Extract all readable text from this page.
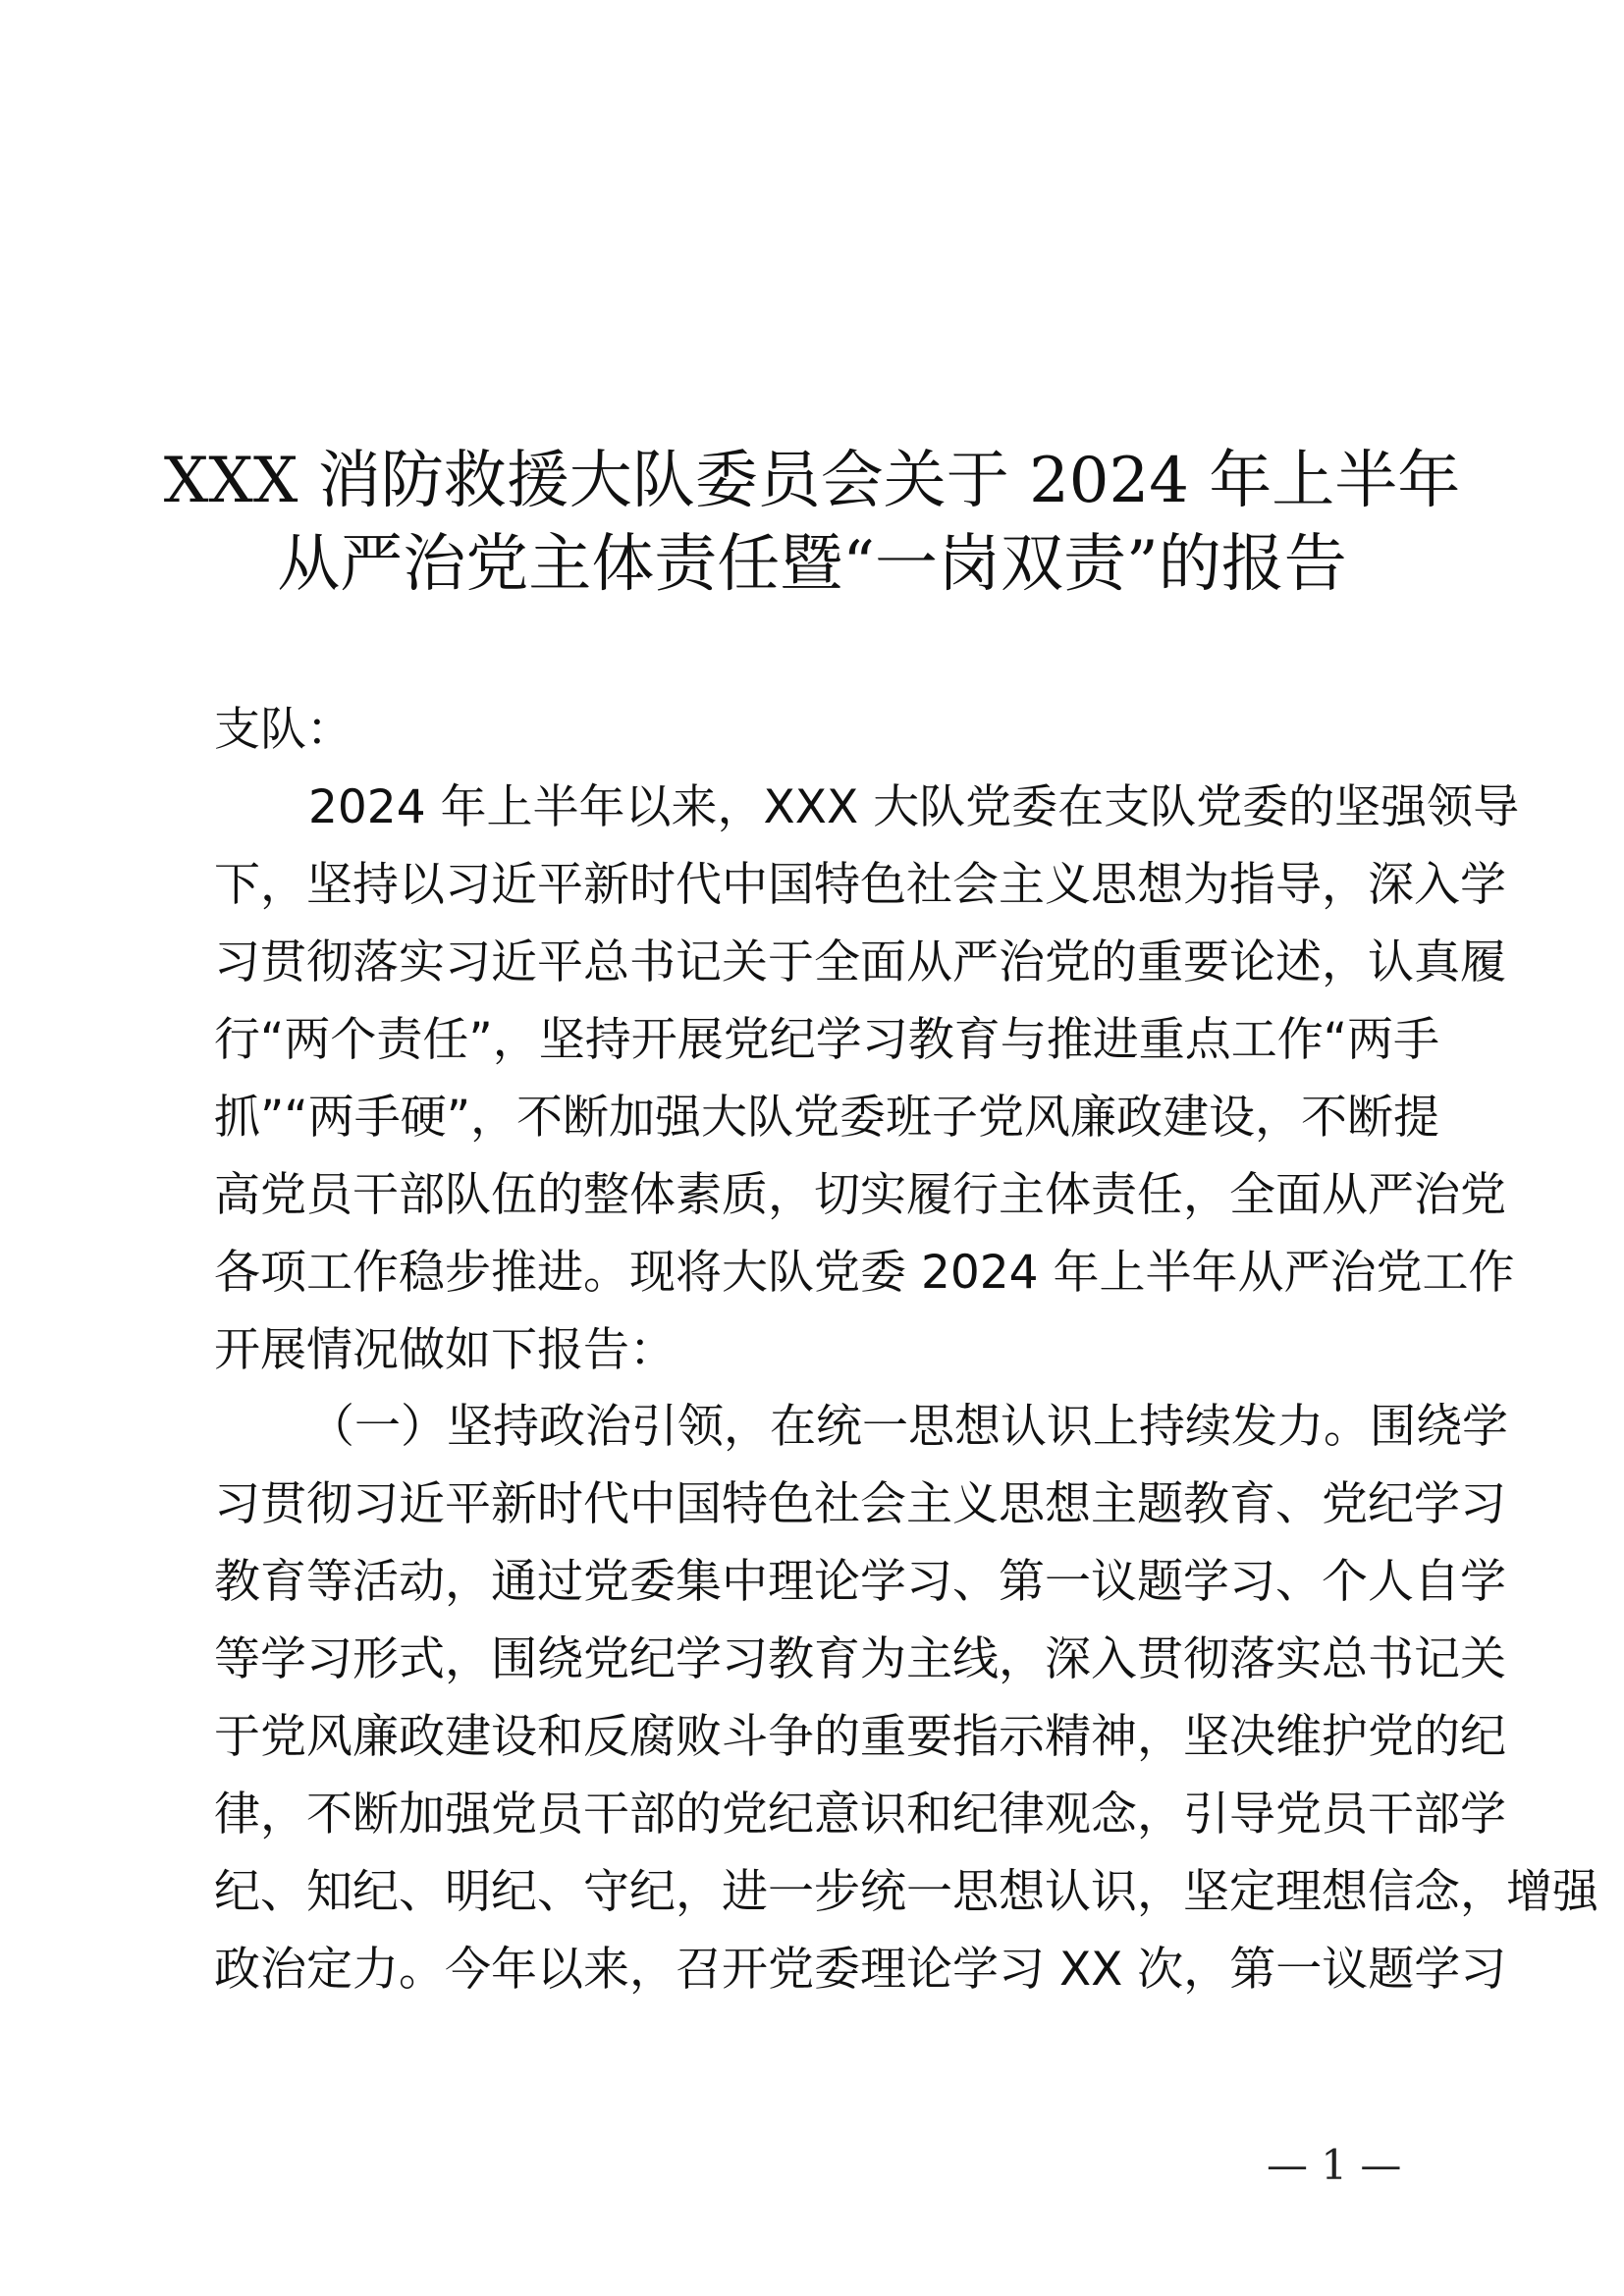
XXX 消防救援大队委员会关于 2024 年上半年
从严治党主体责任暨“一岗双责”的报告
支队：
2024 年上半年以来，XXX 大队党委在支队党委的坚强领导
下，坚持以习近平新时代中国特色社会主义思想为指导，深入学
习贯彻落实习近平总书记关于全面从严治党的重要论述，认真履
行“两个责任”，坚持开展党纪学习教育与推进重点工作“两手
抓”“两手硬”，不断加强大队党委班子党风廉政建设，不断提
高党员干部队伍的整体素质，切实履行主体责任，全面从严治党
各项工作稳步推进。现将大队党委 2024 年上半年从严治党工作
开展情况做如下报告：
（一）坚持政治引领，在统一思想认识上持续发力。围绕学
习贯彻习近平新时代中国特色社会主义思想主题教育、党纪学习
教育等活动，通过党委集中理论学习、第一议题学习、个人自学
等学习形式，围绕党纪学习教育为主线，深入贯彻落实总书记关
于党风廉政建设和反腐败斗争的重要指示精神，坚决维护党的纪
律，不断加强党员干部的党纪意识和纪律观念，引导党员干部学
纪、知纪、明纪、守纪，进一步统一思想认识，坚定理想信念，增强
政治定力。今年以来，召开党委理论学习 XX 次，第一议题学习
— 1 —
